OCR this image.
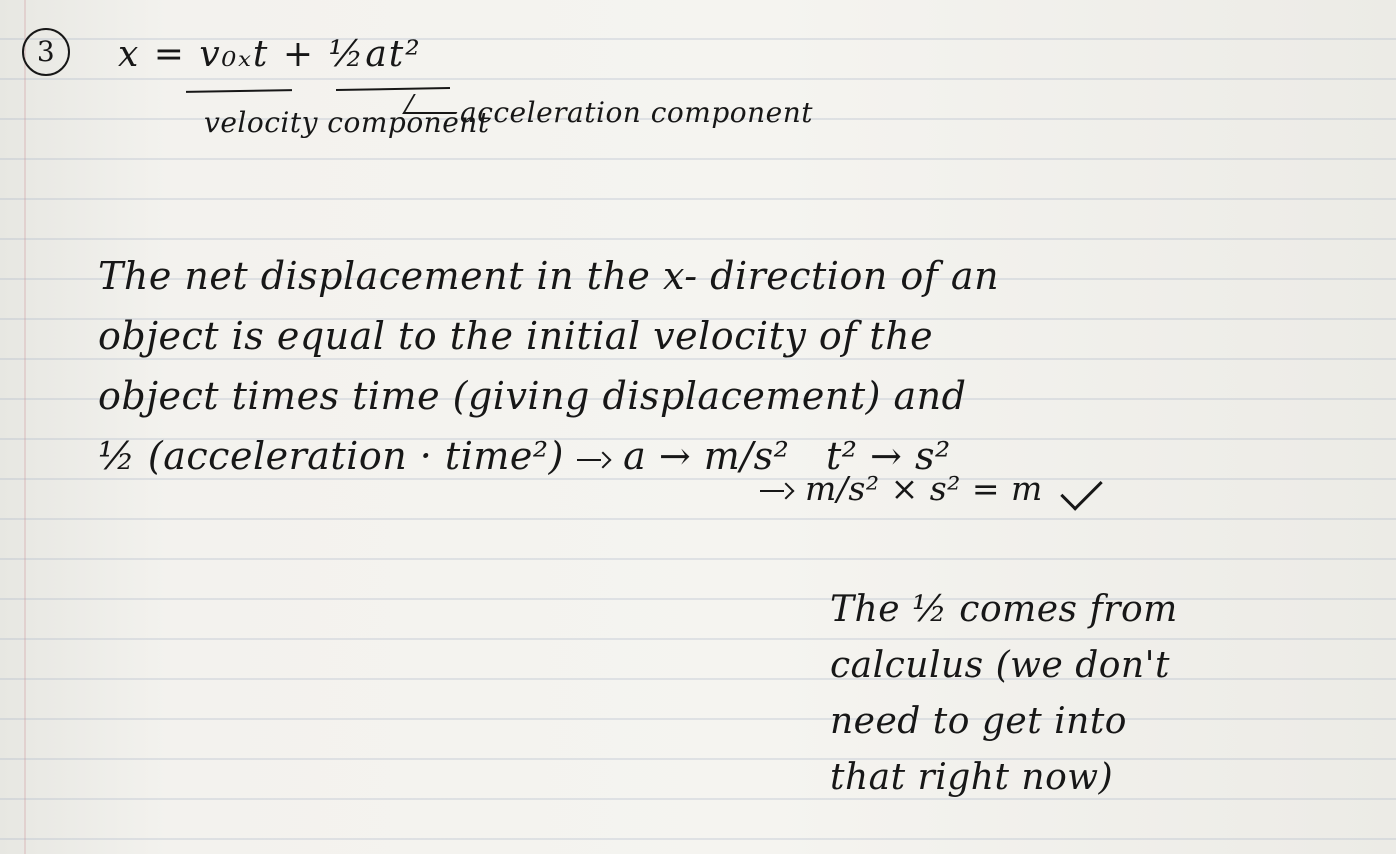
3	x = v₀ₓt + ½at²
velocity component
acceleration component
The net displacement in the x- direction of an
object is equal to the initial velocity of the
object times time (giving displacement) and
½ (acceleration · time²) a → m/s² t² → s²
m/s² × s² = m
The ½ comes from
calculus (we don't
need to get into
that right now)
